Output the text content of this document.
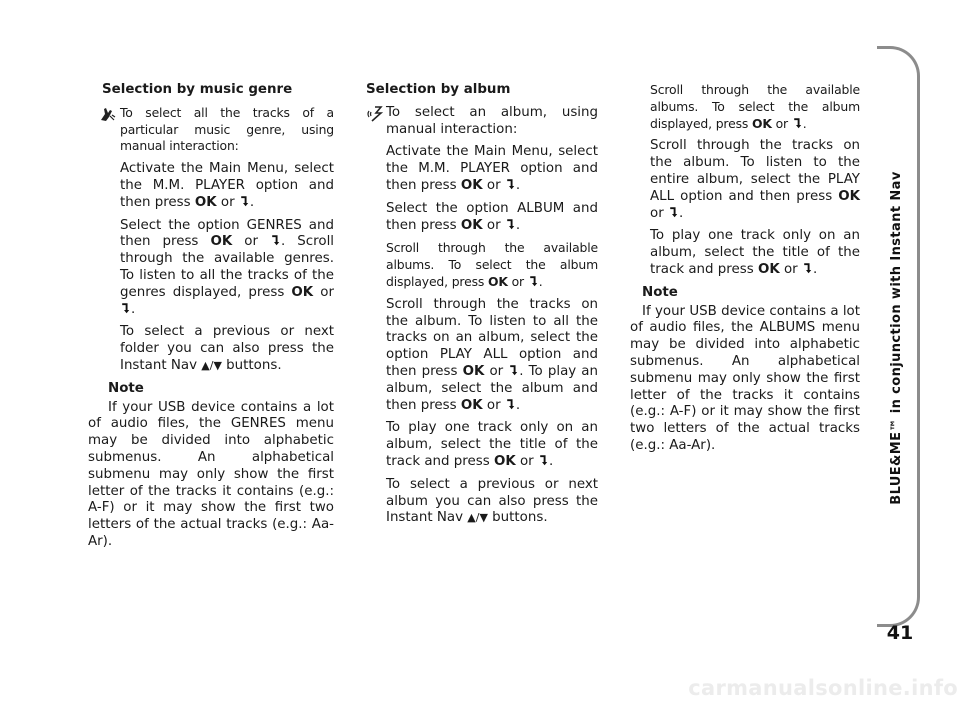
Selection by music genre
To select all the tracks of a particular music genre, using manual interaction:
Activate the Main Menu, select the M.M. PLAYER option and then press OK or .
Select the option GENRES and then press OK or . Scroll through the available genres. To listen to all the tracks of the genres displayed, press OK or .
To select a previous or next folder you can also press the Instant Nav ▲/▼ buttons.
Note
If your USB device contains a lot of audio files, the GENRES menu may be divided into alphabetic submenus. An alphabetical submenu may only show the first letter of the tracks it contains (e.g.: A-F) or it may show the first two letters of the actual tracks (e.g.: Aa-Ar).
Selection by album
To select an album, using manual interaction:
Activate the Main Menu, select the M.M. PLAYER option and then press OK or .
Select the option ALBUM and then press OK or .
Scroll through the available albums. To select the album displayed, press OK or .
Scroll through the tracks on the album. To listen to all the tracks on an album, select the option PLAY ALL option and then press OK or . To play an album, select the album and then press OK or .
To play one track only on an album, select the title of the track and press OK or .
To select a previous or next album you can also press the Instant Nav ▲/▼ buttons.
Scroll through the available albums. To select the album displayed, press OK or .
Scroll through the tracks on the album. To listen to the entire album, select the PLAY ALL option and then press OK or .
To play one track only on an album, select the title of the track and press OK or .
Note
If your USB device contains a lot of audio files, the ALBUMS menu may be divided into alphabetic submenus. An alphabetical submenu may only show the first letter of the tracks it contains (e.g.: A-F) or it may show the first two letters of the actual tracks (e.g.: Aa-Ar).	BLUE&ME™ in conjunction with Instant Nav
41
carmanualsonline.info
